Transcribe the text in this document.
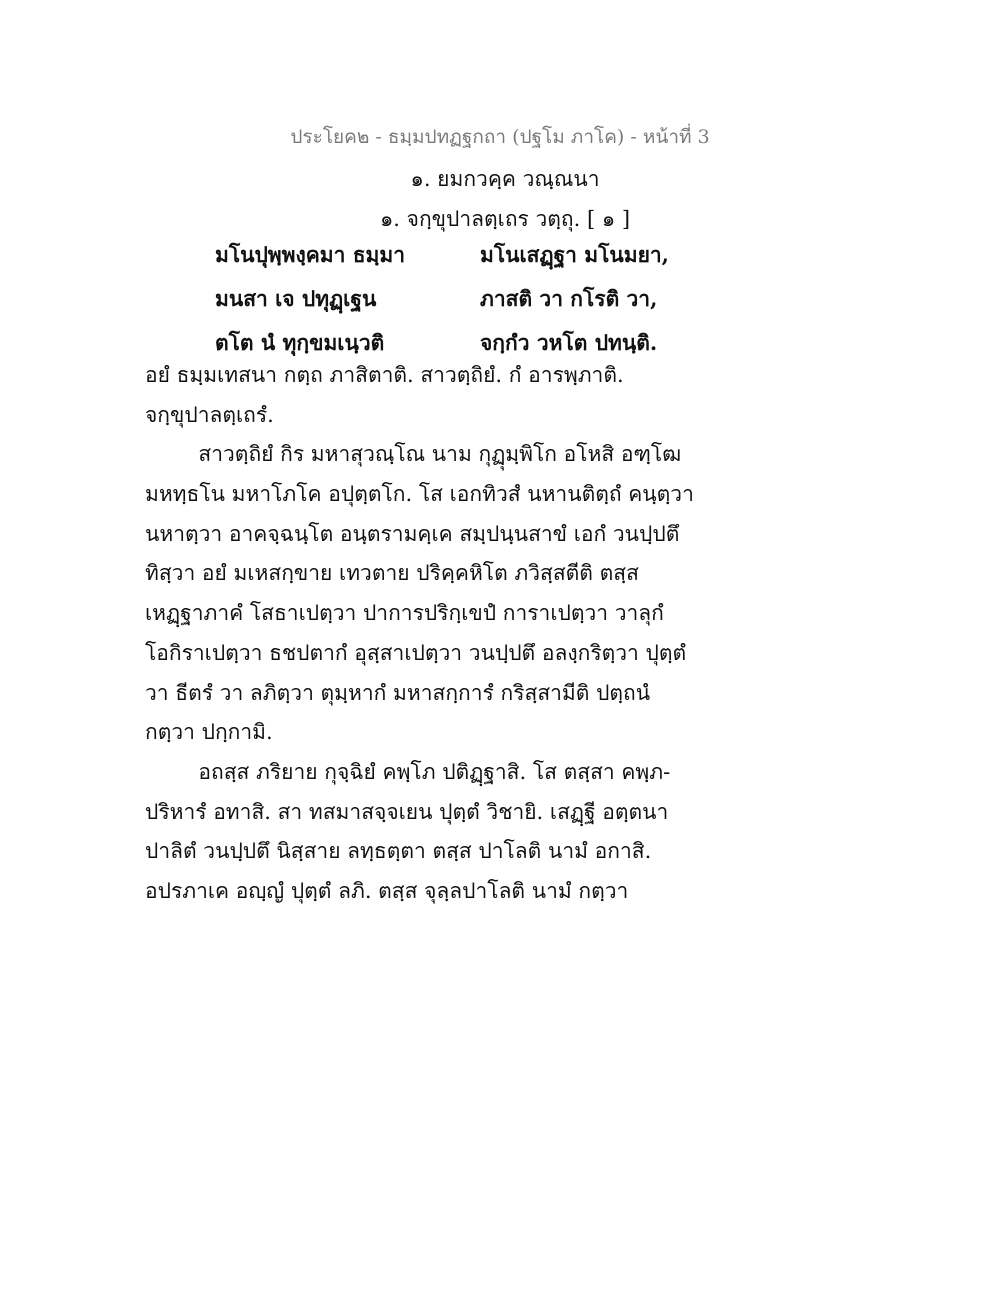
ประโยค๒ - ธมฺมปทฏฐกถา (ปฐโม ภาโค) - หน้าที่ 3
๑. ยมกวคฺค วณฺณนา
๑. จกฺขุปาลตฺเถร วตฺถุ. [ ๑ ]
มโนปุพฺพงฺคมา ธมฺมา	มโนเสฏฺฐา มโนมยา,
มนสา เจ ปทุฏฺเฐน	ภาสติ วา กโรติ วา,
ตโต นํ ทุกฺขมเนฺวติ	จกฺกํว วหโต ปทนฺติ.
อยํ ธมฺมเทสนา กตฺถ ภาสิตาติ. สาวตฺถิยํ. กํ อารพฺภาติ.
จกฺขุปาลตฺเถรํ.
สาวตฺถิยํ กิร มหาสุวณฺโณ นาม กุฏุมฺพิโก อโหสิ อฑฺโฒ
มหทฺธโน มหาโภโค อปุตฺตโก. โส เอกทิวสํ นหานติตฺถํ คนฺตฺวา
นหาตฺวา อาคจฺฉนฺโต อนฺตรามคฺเค สมฺปนฺนสาขํ เอกํ วนปฺปตึ
ทิสฺวา อยํ มเหสกฺขาย เทวตาย ปริคฺคหิโต ภวิสฺสตีติ ตสฺส
เหฏฺฐาภาคํ โสธาเปตฺวา ปาการปริกฺเขปํ การาเปตฺวา วาลุกํ
โอกิราเปตฺวา ธชปตากํ อุสฺสาเปตฺวา วนปฺปตึ อลงฺกริตฺวา ปุตฺตํ
วา ธีตรํ วา ลภิตฺวา ตุมฺหากํ มหาสกฺการํ กริสฺสามีติ ปตฺถนํ
กตฺวา ปกฺกามิ.
อถสฺส ภริยาย กุจฺฉิยํ คพฺโภ ปติฏฺฐาสิ. โส ตสฺสา คพฺภ-
ปริหารํ อทาสิ. สา ทสมาสจฺจเยน ปุตฺตํ วิชายิ. เสฏฺฐี อตฺตนา
ปาลิตํ วนปฺปตึ นิสฺสาย ลทฺธตฺตา ตสฺส ปาโลติ นามํ อกาสิ.
อปรภาเค อญฺญํ ปุตฺตํ ลภิ. ตสฺส จุลฺลปาโลติ นามํ กตฺวา
